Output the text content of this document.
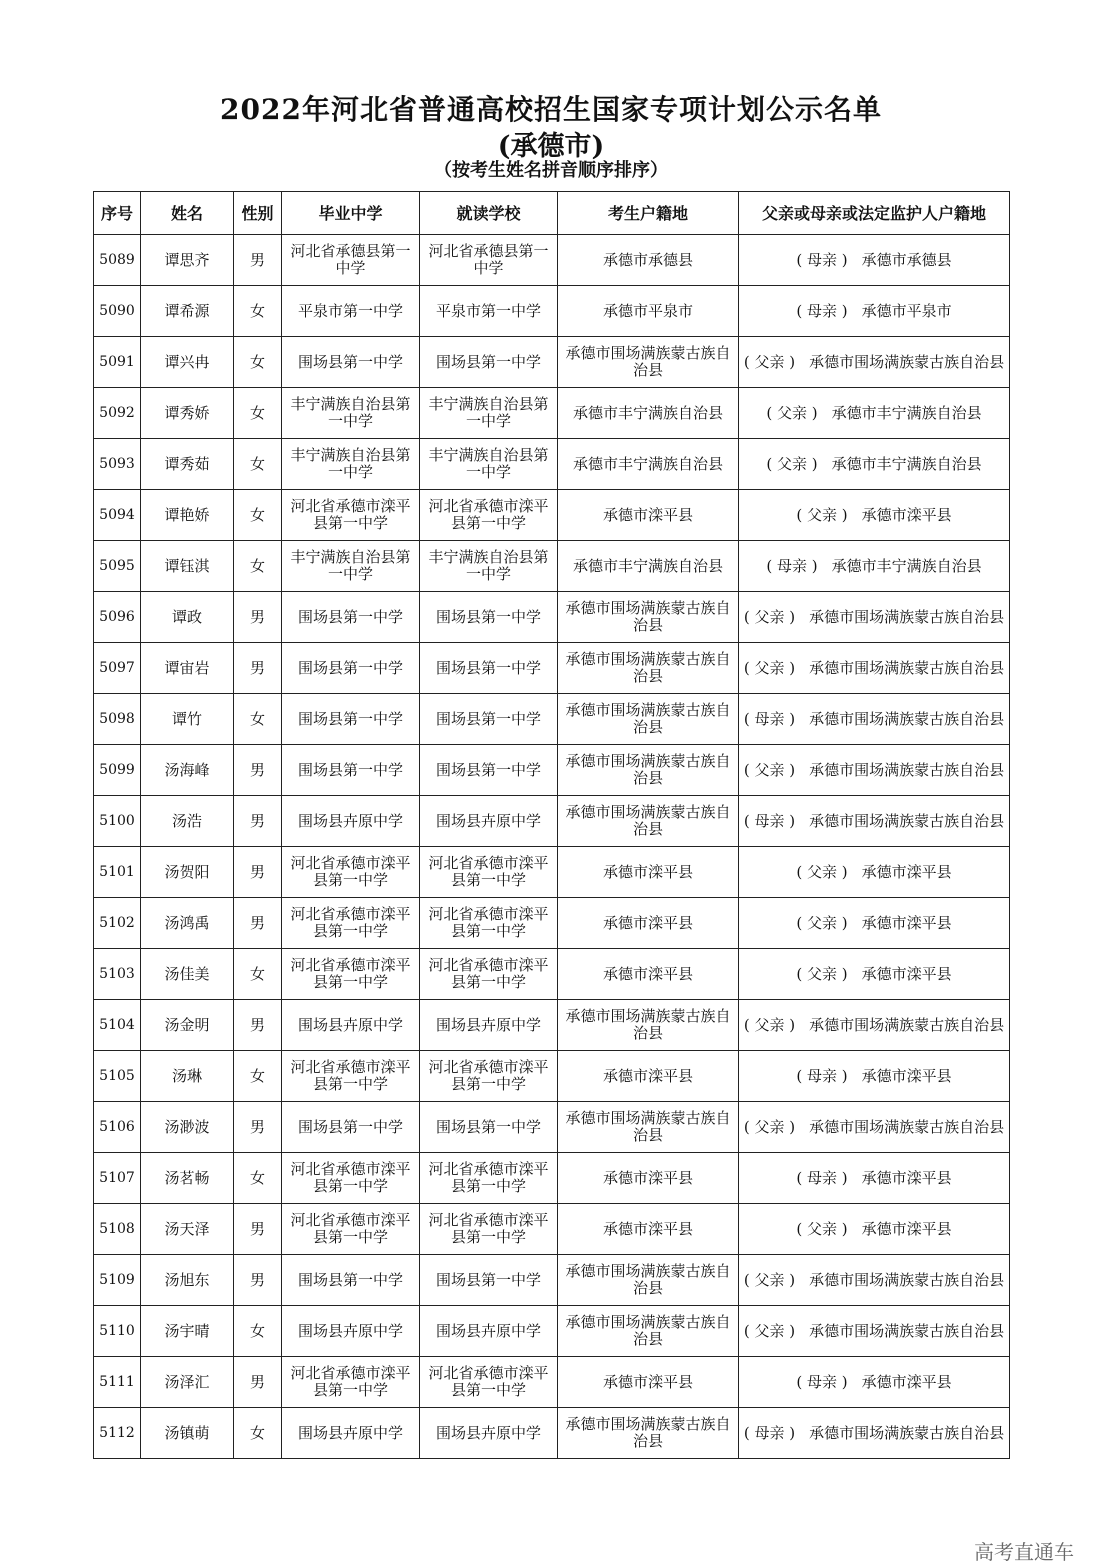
2022年河北省普通高校招生国家专项计划公示名单
(承德市)
（按考生姓名拼音顺序排序）
序号	姓名	性别	毕业中学	就读学校	考生户籍地	父亲或母亲或法定监护人户籍地
5089	谭思齐	男	河北省承德县第一中学	河北省承德县第一中学	承德市承德县	( 母亲 ) 承德市承德县
5090	谭希源	女	平泉市第一中学	平泉市第一中学	承德市平泉市	( 母亲 ) 承德市平泉市
5091	谭兴冉	女	围场县第一中学	围场县第一中学	承德市围场满族蒙古族自治县	( 父亲 ) 承德市围场满族蒙古族自治县
5092	谭秀娇	女	丰宁满族自治县第一中学	丰宁满族自治县第一中学	承德市丰宁满族自治县	( 父亲 ) 承德市丰宁满族自治县
5093	谭秀茹	女	丰宁满族自治县第一中学	丰宁满族自治县第一中学	承德市丰宁满族自治县	( 父亲 ) 承德市丰宁满族自治县
5094	谭艳娇	女	河北省承德市滦平县第一中学	河北省承德市滦平县第一中学	承德市滦平县	( 父亲 ) 承德市滦平县
5095	谭钰淇	女	丰宁满族自治县第一中学	丰宁满族自治县第一中学	承德市丰宁满族自治县	( 母亲 ) 承德市丰宁满族自治县
5096	谭政	男	围场县第一中学	围场县第一中学	承德市围场满族蒙古族自治县	( 父亲 ) 承德市围场满族蒙古族自治县
5097	谭宙岩	男	围场县第一中学	围场县第一中学	承德市围场满族蒙古族自治县	( 父亲 ) 承德市围场满族蒙古族自治县
5098	谭竹	女	围场县第一中学	围场县第一中学	承德市围场满族蒙古族自治县	( 母亲 ) 承德市围场满族蒙古族自治县
5099	汤海峰	男	围场县第一中学	围场县第一中学	承德市围场满族蒙古族自治县	( 父亲 ) 承德市围场满族蒙古族自治县
5100	汤浩	男	围场县卉原中学	围场县卉原中学	承德市围场满族蒙古族自治县	( 母亲 ) 承德市围场满族蒙古族自治县
5101	汤贺阳	男	河北省承德市滦平县第一中学	河北省承德市滦平县第一中学	承德市滦平县	( 父亲 ) 承德市滦平县
5102	汤鸿禹	男	河北省承德市滦平县第一中学	河北省承德市滦平县第一中学	承德市滦平县	( 父亲 ) 承德市滦平县
5103	汤佳美	女	河北省承德市滦平县第一中学	河北省承德市滦平县第一中学	承德市滦平县	( 父亲 ) 承德市滦平县
5104	汤金明	男	围场县卉原中学	围场县卉原中学	承德市围场满族蒙古族自治县	( 父亲 ) 承德市围场满族蒙古族自治县
5105	汤琳	女	河北省承德市滦平县第一中学	河北省承德市滦平县第一中学	承德市滦平县	( 母亲 ) 承德市滦平县
5106	汤渺波	男	围场县第一中学	围场县第一中学	承德市围场满族蒙古族自治县	( 父亲 ) 承德市围场满族蒙古族自治县
5107	汤茗畅	女	河北省承德市滦平县第一中学	河北省承德市滦平县第一中学	承德市滦平县	( 母亲 ) 承德市滦平县
5108	汤天泽	男	河北省承德市滦平县第一中学	河北省承德市滦平县第一中学	承德市滦平县	( 父亲 ) 承德市滦平县
5109	汤旭东	男	围场县第一中学	围场县第一中学	承德市围场满族蒙古族自治县	( 父亲 ) 承德市围场满族蒙古族自治县
5110	汤宇晴	女	围场县卉原中学	围场县卉原中学	承德市围场满族蒙古族自治县	( 父亲 ) 承德市围场满族蒙古族自治县
5111	汤泽汇	男	河北省承德市滦平县第一中学	河北省承德市滦平县第一中学	承德市滦平县	( 母亲 ) 承德市滦平县
5112	汤镇萌	女	围场县卉原中学	围场县卉原中学	承德市围场满族蒙古族自治县	( 母亲 ) 承德市围场满族蒙古族自治县
高考直通车
